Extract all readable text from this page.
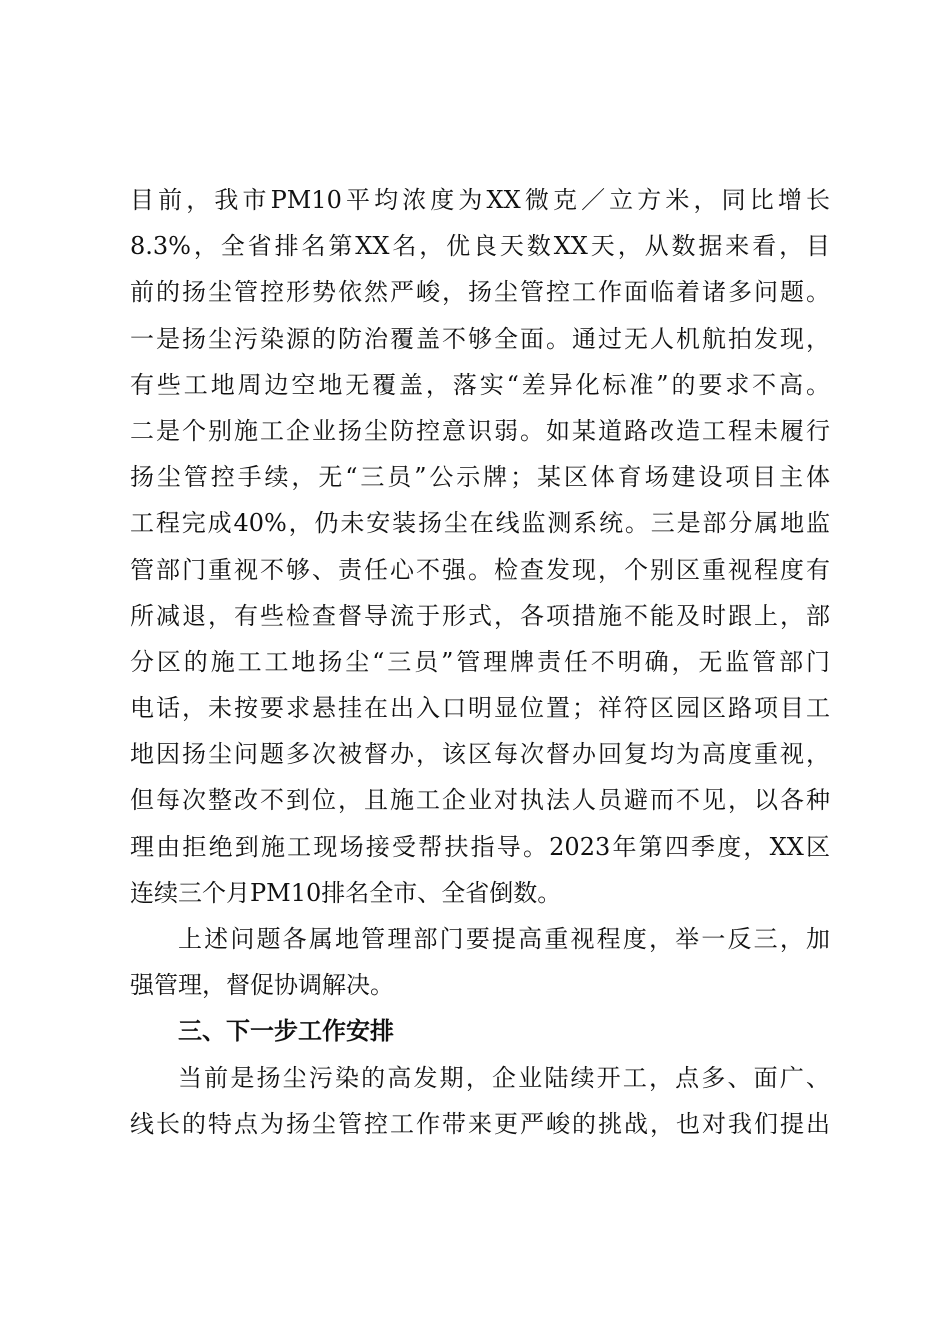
目前，我市PM10平均浓度为XX微克／立方米，同比增长
8.3%，全省排名第XX名，优良天数XX天，从数据来看，目
前的扬尘管控形势依然严峻，扬尘管控工作面临着诸多问题。
一是扬尘污染源的防治覆盖不够全面。通过无人机航拍发现，
有些工地周边空地无覆盖，落实“差异化标准”的要求不高。
二是个别施工企业扬尘防控意识弱。如某道路改造工程未履行
扬尘管控手续，无“三员”公示牌；某区体育场建设项目主体
工程完成40%，仍未安装扬尘在线监测系统。三是部分属地监
管部门重视不够、责任心不强。检查发现，个别区重视程度有
所减退，有些检查督导流于形式，各项措施不能及时跟上，部
分区的施工工地扬尘“三员”管理牌责任不明确，无监管部门
电话，未按要求悬挂在出入口明显位置；祥符区园区路项目工
地因扬尘问题多次被督办，该区每次督办回复均为高度重视，
但每次整改不到位，且施工企业对执法人员避而不见，以各种
理由拒绝到施工现场接受帮扶指导。2023年第四季度，XX区
连续三个月PM10排名全市、全省倒数。
上述问题各属地管理部门要提高重视程度，举一反三，加
强管理，督促协调解决。
三、下一步工作安排
当前是扬尘污染的高发期，企业陆续开工，点多、面广、
线长的特点为扬尘管控工作带来更严峻的挑战，也对我们提出
